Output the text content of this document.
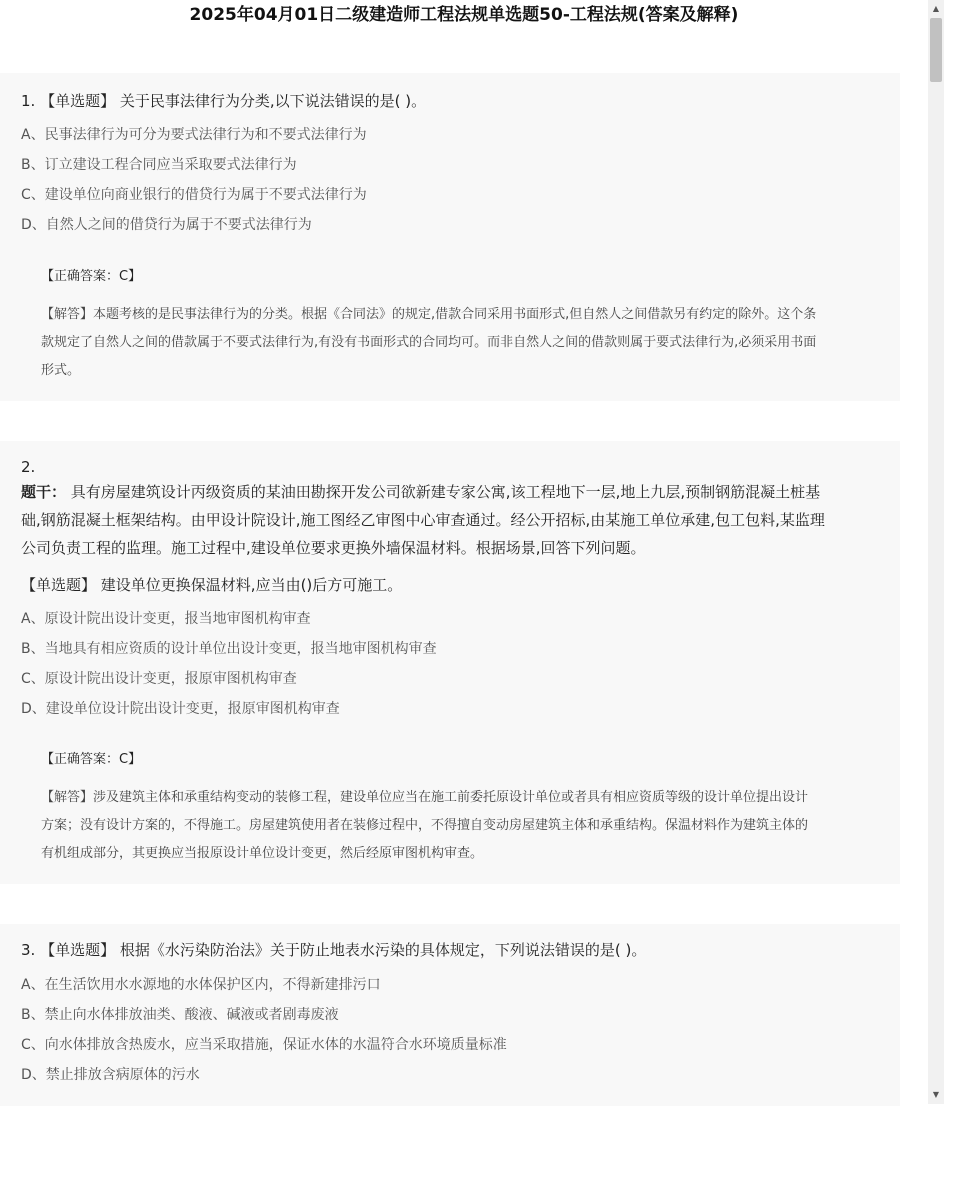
2025年04月01日二级建造师工程法规单选题50-工程法规(答案及解释)
1. 【单选题】 关于民事法律行为分类,以下说法错误的是( )。
A、民事法律行为可分为要式法律行为和不要式法律行为
B、订立建设工程合同应当采取要式法律行为
C、建设单位向商业银行的借贷行为属于不要式法律行为
D、自然人之间的借贷行为属于不要式法律行为
【正确答案：C】
【解答】本题考核的是民事法律行为的分类。根据《合同法》的规定,借款合同采用书面形式,但自然人之间借款另有约定的除外。这个条
款规定了自然人之间的借款属于不要式法律行为,有没有书面形式的合同均可。而非自然人之间的借款则属于要式法律行为,必须采用书面
形式。
2.
题干： 具有房屋建筑设计丙级资质的某油田勘探开发公司欲新建专家公寓,该工程地下一层,地上九层,预制钢筋混凝土桩基
础,钢筋混凝土框架结构。由甲设计院设计,施工图经乙审图中心审查通过。经公开招标,由某施工单位承建,包工包料,某监理
公司负责工程的监理。施工过程中,建设单位要求更换外墙保温材料。根据场景,回答下列问题。
【单选题】 建设单位更换保温材料,应当由()后方可施工。
A、原设计院出设计变更，报当地审图机构审查
B、当地具有相应资质的设计单位出设计变更，报当地审图机构审查
C、原设计院出设计变更，报原审图机构审查
D、建设单位设计院出设计变更，报原审图机构审查
【正确答案：C】
【解答】涉及建筑主体和承重结构变动的装修工程，建设单位应当在施工前委托原设计单位或者具有相应资质等级的设计单位提出设计
方案；没有设计方案的，不得施工。房屋建筑使用者在装修过程中，不得擅自变动房屋建筑主体和承重结构。保温材料作为建筑主体的
有机组成部分，其更换应当报原设计单位设计变更，然后经原审图机构审查。
3. 【单选题】 根据《水污染防治法》关于防止地表水污染的具体规定，下列说法错误的是( )。
A、在生活饮用水水源地的水体保护区内，不得新建排污口
B、禁止向水体排放油类、酸液、碱液或者剧毒废液
C、向水体排放含热废水，应当采取措施，保证水体的水温符合水环境质量标准
D、禁止排放含病原体的污水
▲
▼
